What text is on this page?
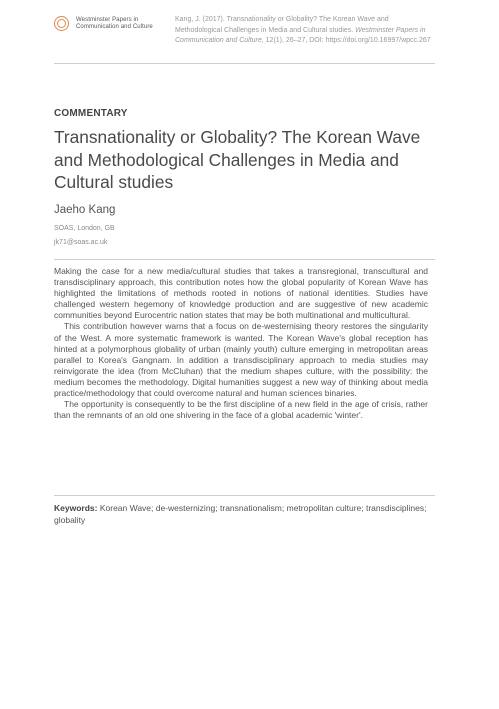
Westminster Papers in
Communication and Culture
Kang, J. (2017). Transnationality or Globality? The Korean Wave and Methodological Challenges in Media and Cultural studies. Westminster Papers in Communication and Culture, 12(1), 26–27, DOI: https://doi.org/10.16997/wpcc.267
COMMENTARY
Transnationality or Globality? The Korean Wave and Methodological Challenges in Media and Cultural studies
Jaeho Kang
SOAS, London, GB
jk71@soas.ac.uk

Making the case for a new media/cultural studies that takes a transregional, transcultural and transdisciplinary approach, this contribution notes how the global popularity of Korean Wave has highlighted the limitations of methods rooted in notions of national identities. Studies have challenged western hegemony of knowledge production and are suggestive of new academic communities beyond Eurocentric nation states that may be both multinational and multicultural.

This contribution however warns that a focus on de-westernising theory restores the singularity of the West. A more systematic framework is wanted. The Korean Wave's global reception has hinted at a polymorphous globality of urban (mainly youth) culture emerging in metropolitan areas parallel to Korea's Gangnam. In addition a transdisciplinary approach to media studies may reinvigorate the idea (from McCluhan) that the medium shapes culture, with the possibility: the medium becomes the methodology. Digital humanities suggest a new way of thinking about media practice/methodology that could overcome natural and human sciences binaries.

The opportunity is consequently to be the first discipline of a new field in the age of crisis, rather than the remnants of an old one shivering in the face of a global academic 'winter'.

Keywords: Korean Wave; de-westernizing; transnationalism; metropolitan culture; transdisciplines; globality
